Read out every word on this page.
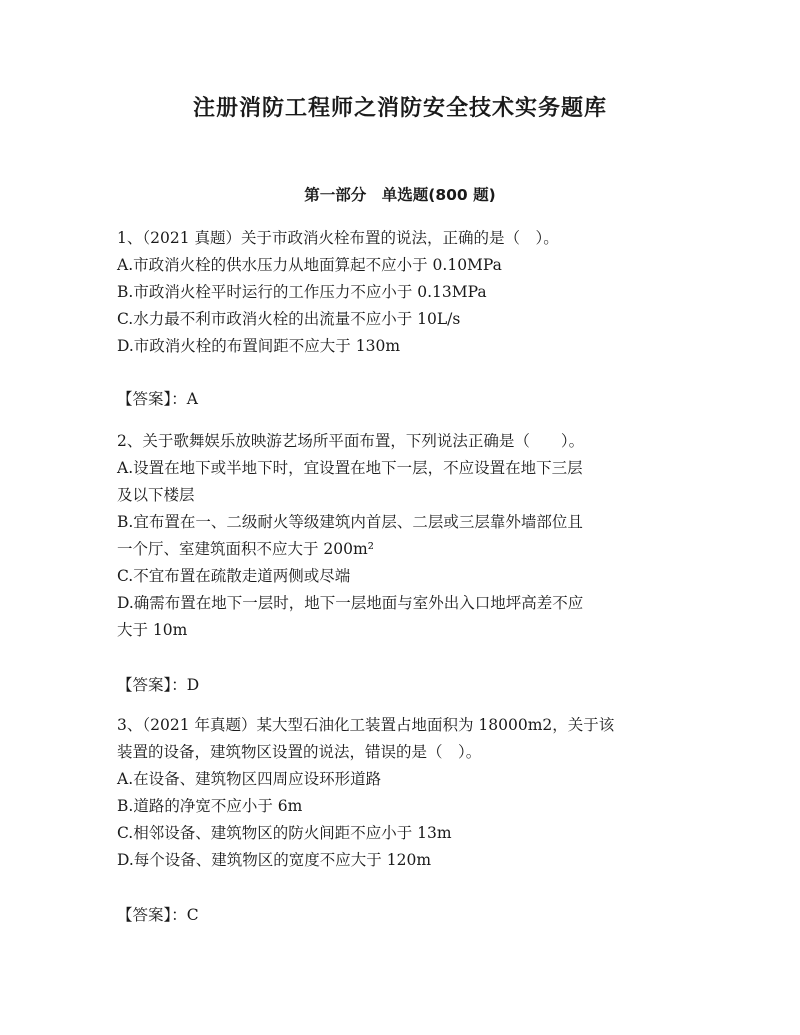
注册消防工程师之消防安全技术实务题库
第一部分　单选题(800 题)
1、（2021 真题）关于市政消火栓布置的说法，正确的是（　）。
A.市政消火栓的供水压力从地面算起不应小于 0.10MPa
B.市政消火栓平时运行的工作压力不应小于 0.13MPa
C.水力最不利市政消火栓的出流量不应小于 10L/s
D.市政消火栓的布置间距不应大于 130m
【答案】：A
2、关于歌舞娱乐放映游艺场所平面布置，下列说法正确是（　　）。
A.设置在地下或半地下时，宜设置在地下一层，不应设置在地下三层
及以下楼层
B.宜布置在一、二级耐火等级建筑内首层、二层或三层靠外墙部位且
一个厅、室建筑面积不应大于 200m²
C.不宜布置在疏散走道两侧或尽端
D.确需布置在地下一层时，地下一层地面与室外出入口地坪高差不应
大于 10m
【答案】：D
3、（2021 年真题）某大型石油化工装置占地面积为 18000m2，关于该
装置的设备，建筑物区设置的说法，错误的是（　）。
A.在设备、建筑物区四周应设环形道路
B.道路的净宽不应小于 6m
C.相邻设备、建筑物区的防火间距不应小于 13m
D.每个设备、建筑物区的宽度不应大于 120m
【答案】：C
